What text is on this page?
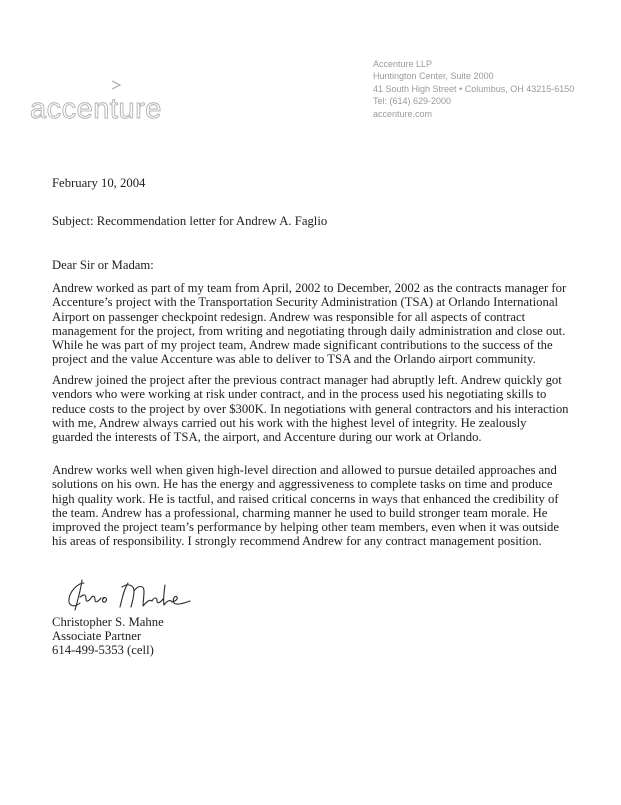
accenture
Accenture LLP
Huntington Center, Suite 2000
41 South High Street • Columbus, OH 43215-6150
Tel: (614) 629-2000
accenture.com
February 10, 2004
Subject: Recommendation letter for Andrew A. Faglio
Dear Sir or Madam:
Andrew worked as part of my team from April, 2002 to December, 2002 as the contracts manager for
Accenture’s project with the Transportation Security Administration (TSA) at Orlando International
Airport on passenger checkpoint redesign. Andrew was responsible for all aspects of contract
management for the project, from writing and negotiating through daily administration and close out.
While he was part of my project team, Andrew made significant contributions to the success of the
project and the value Accenture was able to deliver to TSA and the Orlando airport community.
Andrew joined the project after the previous contract manager had abruptly left. Andrew quickly got
vendors who were working at risk under contract, and in the process used his negotiating skills to
reduce costs to the project by over $300K. In negotiations with general contractors and his interaction
with me, Andrew always carried out his work with the highest level of integrity. He zealously
guarded the interests of TSA, the airport, and Accenture during our work at Orlando.
Andrew works well when given high-level direction and allowed to pursue detailed approaches and
solutions on his own. He has the energy and aggressiveness to complete tasks on time and produce
high quality work. He is tactful, and raised critical concerns in ways that enhanced the credibility of
the team. Andrew has a professional, charming manner he used to build stronger team morale. He
improved the project team’s performance by helping other team members, even when it was outside
his areas of responsibility. I strongly recommend Andrew for any contract management position.
Christopher S. Mahne
Associate Partner
614-499-5353 (cell)
